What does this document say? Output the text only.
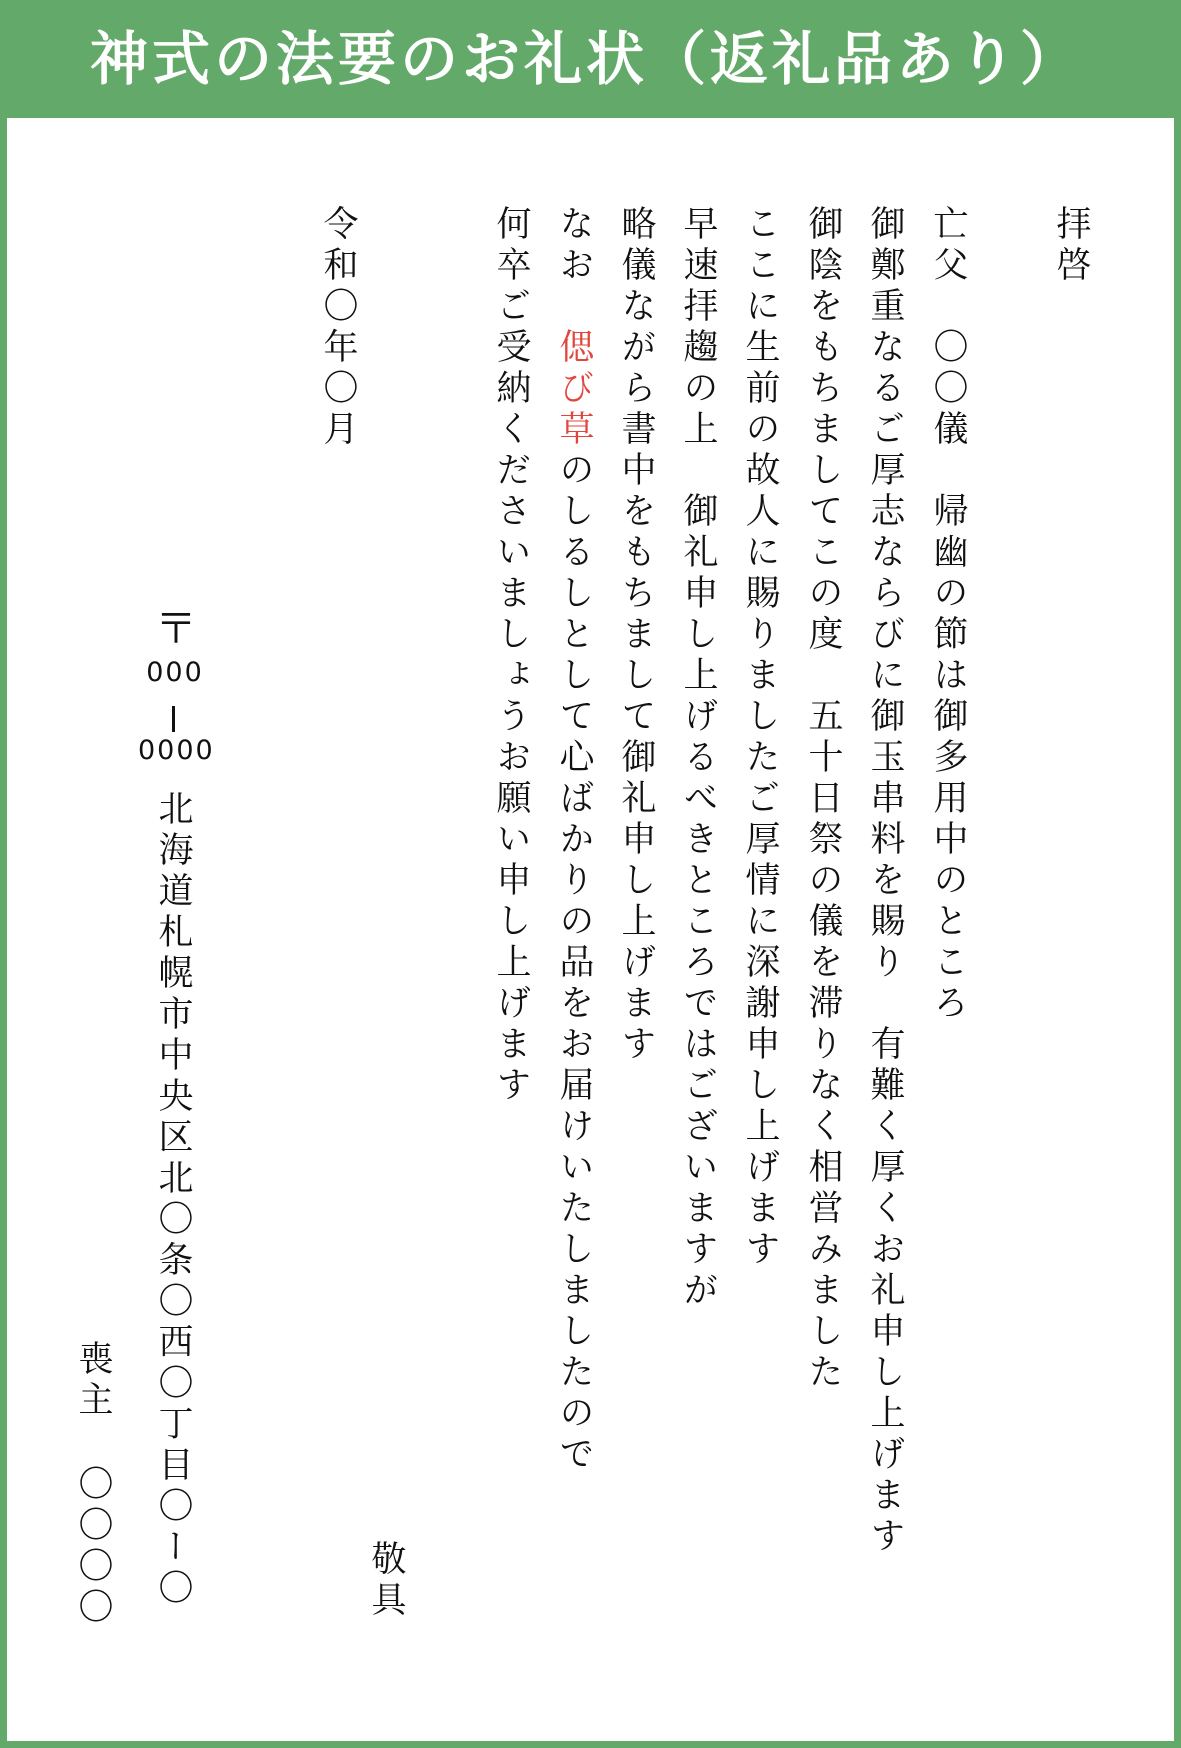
神式の法要のお礼状（返礼品あり）

拝啓

亡父　〇〇儀　帰幽の節は御多用中のところ

御鄭重なるご厚志ならびに御玉串料を賜り　有難く厚くお礼申し上げます

御陰をもちましてこの度　五十日祭の儀を滞りなく相営みました

ここに生前の故人に賜りましたご厚情に深謝申し上げます

早速拝趨の上　御礼申し上げるべきところではございますが

略儀ながら書中をもちまして御礼申し上げます

なお　偲び草のしるしとして心ばかりの品をお届けいたしましたので

何卒ご受納くださいましょうお願い申し上げます

敬具

令和〇年〇月

〒
000
0000

北海道札幌市中央区北〇条〇西〇丁目〇ー〇

喪主

〇〇〇〇
